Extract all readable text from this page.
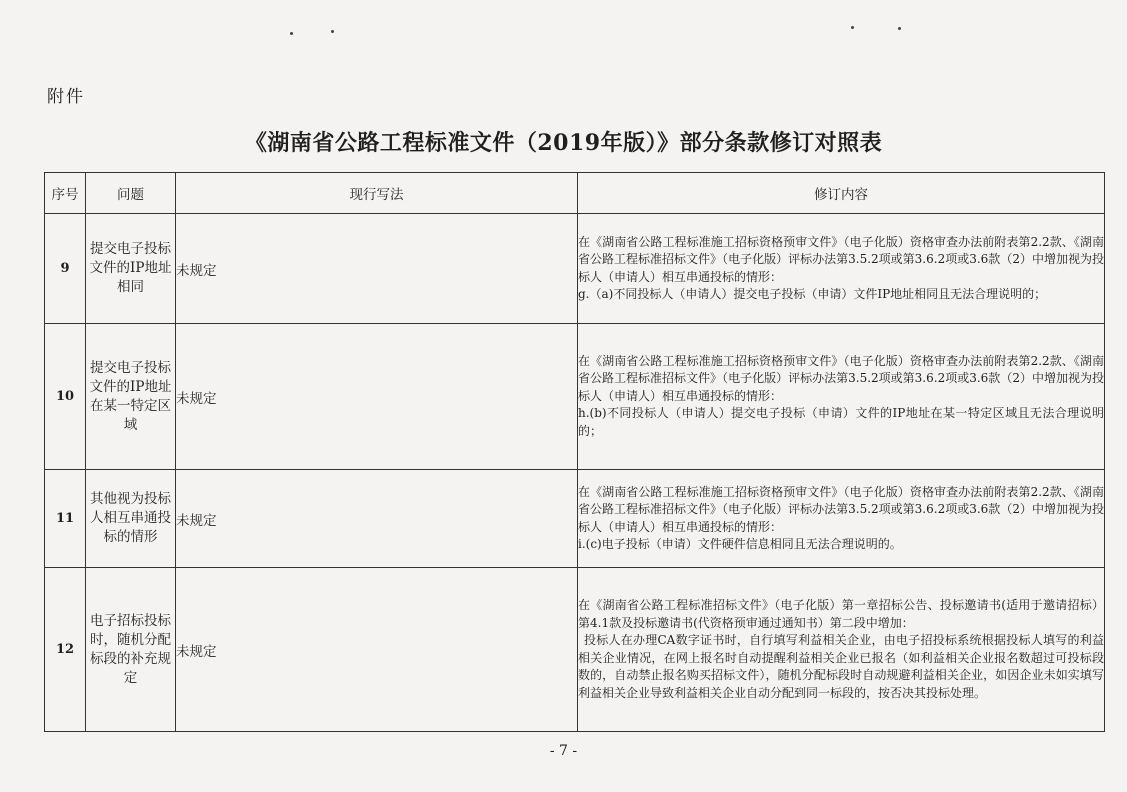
附件
《湖南省公路工程标准文件（2019年版）》部分条款修订对照表
序号	问题	现行写法	修订内容
9	提交电子投标文件的IP地址相同	未规定	在《湖南省公路工程标准施工招标资格预审文件》（电子化版）资格审查办法前附表第2.2款、《湖南省公路工程标准招标文件》（电子化版）评标办法第3.5.2项或第3.6.2项或3.6款（2）中增加视为投标人（申请人）相互串通投标的情形：

g.（a)不同投标人（申请人）提交电子投标（申请）文件IP地址相同且无法合理说明的；

10	提交电子投标文件的IP地址在某一特定区域	未规定	在《湖南省公路工程标准施工招标资格预审文件》（电子化版）资格审查办法前附表第2.2款、《湖南省公路工程标准招标文件》（电子化版）评标办法第3.5.2项或第3.6.2项或3.6款（2）中增加视为投标人（申请人）相互串通投标的情形：

h.(b)不同投标人（申请人）提交电子投标（申请）文件的IP地址在某一特定区域且无法合理说明的；

11	其他视为投标人相互串通投标的情形	未规定	在《湖南省公路工程标准施工招标资格预审文件》（电子化版）资格审查办法前附表第2.2款、《湖南省公路工程标准招标文件》（电子化版）评标办法第3.5.2项或第3.6.2项或3.6款（2）中增加视为投标人（申请人）相互串通投标的情形：

i.(c)电子投标（申请）文件硬件信息相同且无法合理说明的。

12	电子招标投标时，随机分配标段的补充规定	未规定	在《湖南省公路工程标准招标文件》（电子化版）第一章招标公告、投标邀请书(适用于邀请招标）第4.1款及投标邀请书(代资格预审通过通知书）第二段中增加：

投标人在办理CA数字证书时，自行填写利益相关企业，由电子招投标系统根据投标人填写的利益相关企业情况，在网上报名时自动提醒利益相关企业已报名（如利益相关企业报名数超过可投标段数的，自动禁止报名购买招标文件），随机分配标段时自动规避利益相关企业，如因企业未如实填写利益相关企业导致利益相关企业自动分配到同一标段的，按否决其投标处理。

- 7 -
